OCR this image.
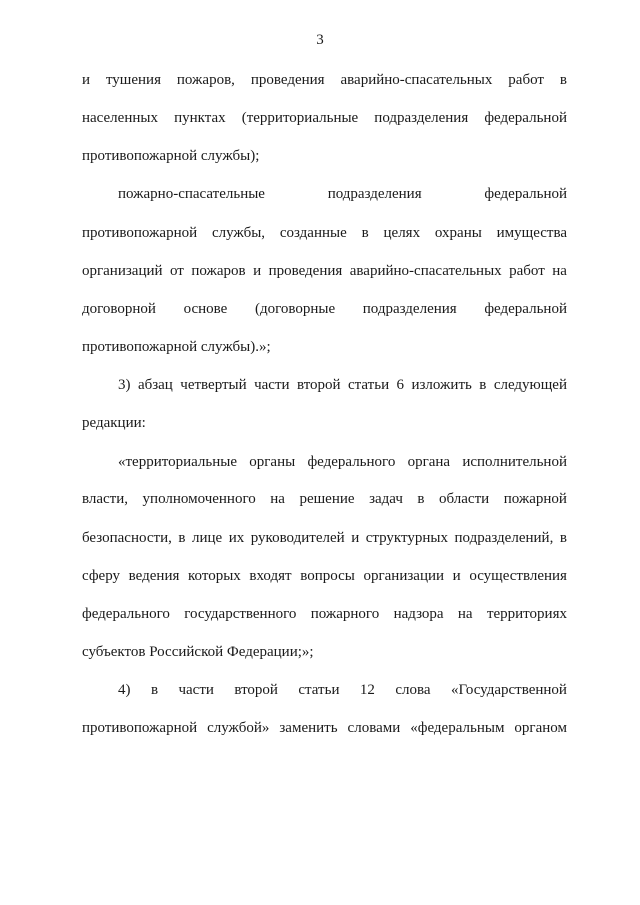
3
и тушения пожаров, проведения аварийно-спасательных работ в
населенных пунктах (территориальные подразделения федеральной
противопожарной службы);
пожарно-спасательные	подразделения	федеральной
противопожарной службы, созданные в целях охраны имущества
организаций от пожаров и проведения аварийно-спасательных работ на
договорной основе (договорные подразделения федеральной
противопожарной службы).»;
3) абзац четвертый части второй статьи 6 изложить в следующей
редакции:
«территориальные органы федерального органа исполнительной
власти, уполномоченного на решение задач в области пожарной
безопасности, в лице их руководителей и структурных подразделений, в
сферу ведения которых входят вопросы организации и осуществления
федерального государственного пожарного надзора на территориях
субъектов Российской Федерации;»;
4) в части второй статьи 12 слова «Государственной
противопожарной службой» заменить словами «федеральным органом
